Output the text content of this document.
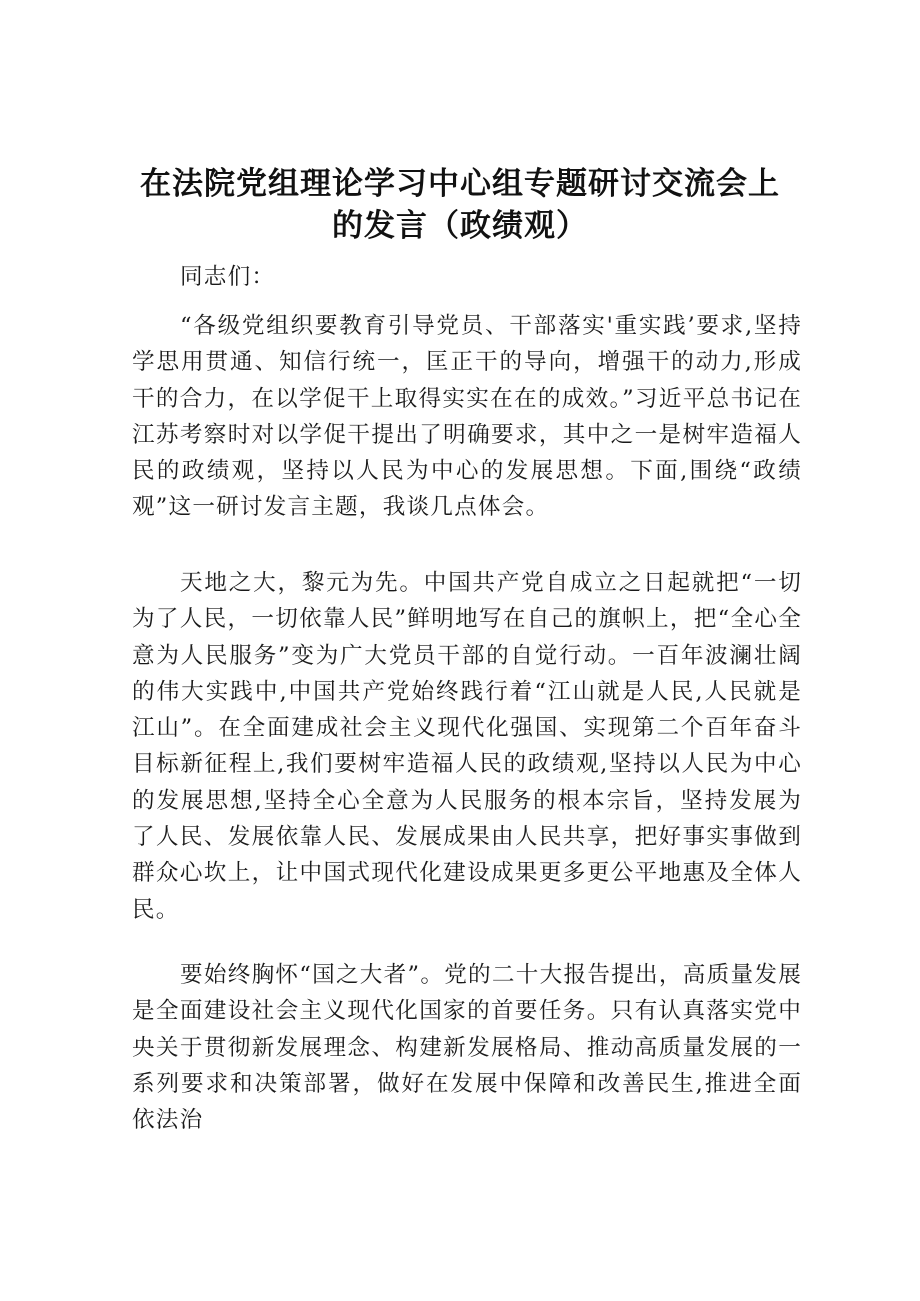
在法院党组理论学习中心组专题研讨交流会上
的发言（政绩观）

同志们：

“各级党组织要教育引导党员、干部落实'重实践’要求,坚持学思用贯通、知信行统一，匡正干的导向，增强干的动力,形成干的合力，在以学促干上取得实实在在的成效。”习近平总书记在江苏考察时对以学促干提出了明确要求，其中之一是树牢造福人民的政绩观，坚持以人民为中心的发展思想。下面,围绕“政绩观”这一研讨发言主题，我谈几点体会。

天地之大，黎元为先。中国共产党自成立之日起就把“一切为了人民，一切依靠人民”鲜明地写在自己的旗帜上，把“全心全意为人民服务”变为广大党员干部的自觉行动。一百年波澜壮阔的伟大实践中,中国共产党始终践行着“江山就是人民,人民就是江山”。在全面建成社会主义现代化强国、实现第二个百年奋斗目标新征程上,我们要树牢造福人民的政绩观,坚持以人民为中心的发展思想,坚持全心全意为人民服务的根本宗旨，坚持发展为了人民、发展依靠人民、发展成果由人民共享，把好事实事做到群众心坎上，让中国式现代化建设成果更多更公平地惠及全体人民。

要始终胸怀“国之大者”。党的二十大报告提出，高质量发展是全面建设社会主义现代化国家的首要任务。只有认真落实党中央关于贯彻新发展理念、构建新发展格局、推动高质量发展的一系列要求和决策部署，做好在发展中保障和改善民生,推进全面依法治
